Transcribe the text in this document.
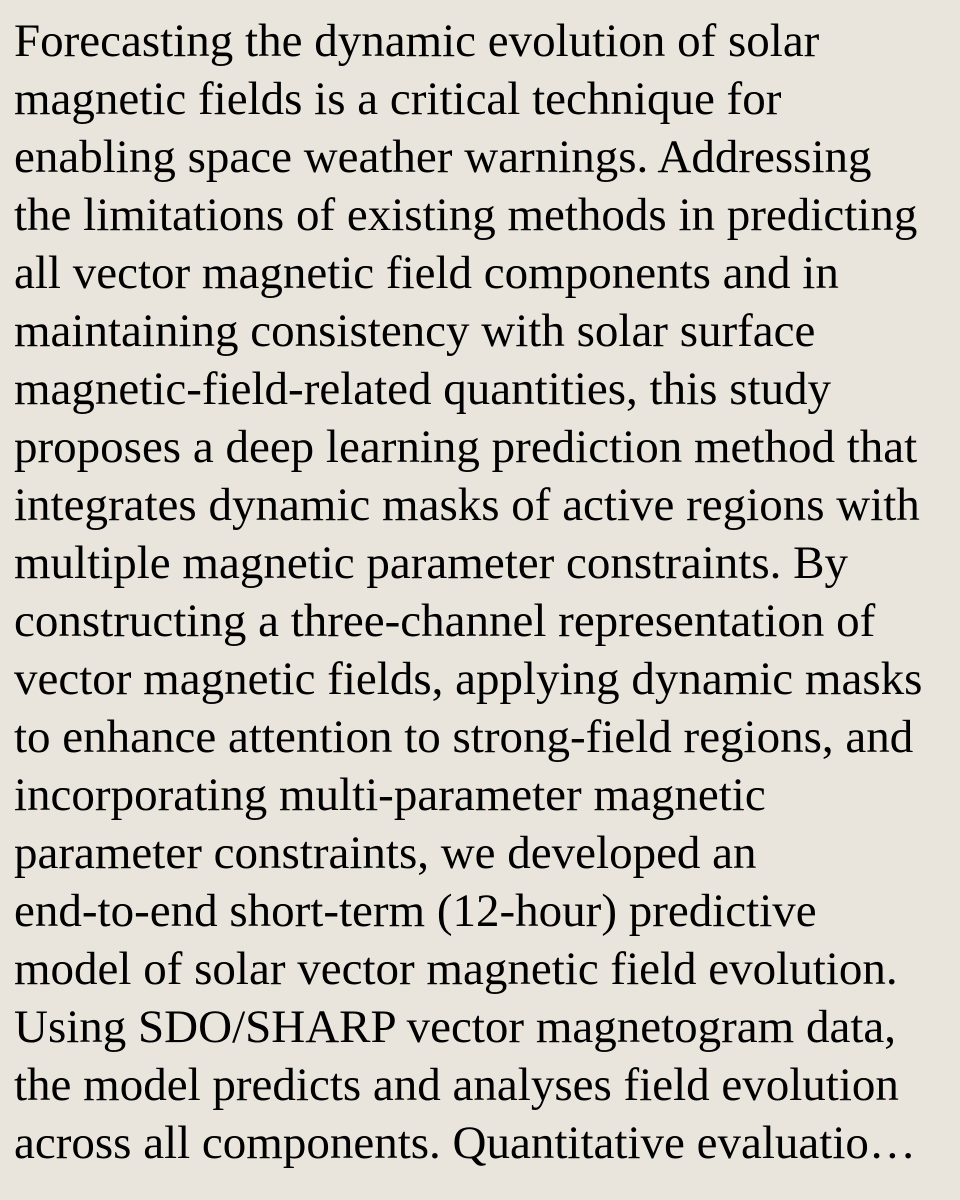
Forecasting the dynamic evolution of solar

magnetic fields is a critical technique for

enabling space weather warnings. Addressing

the limitations of existing methods in predicting

all vector magnetic field components and in

maintaining consistency with solar surface

magnetic-field-related quantities, this study

proposes a deep learning prediction method that

integrates dynamic masks of active regions with

multiple magnetic parameter constraints. By

constructing a three-channel representation of

vector magnetic fields, applying dynamic masks

to enhance attention to strong-field regions, and

incorporating multi-parameter magnetic

parameter constraints, we developed an

end-to-end short-term (12-hour) predictive

model of solar vector magnetic field evolution.

Using SDO/SHARP vector magnetogram data,

the model predicts and analyses field evolution

across all components. Quantitative evaluatio…
